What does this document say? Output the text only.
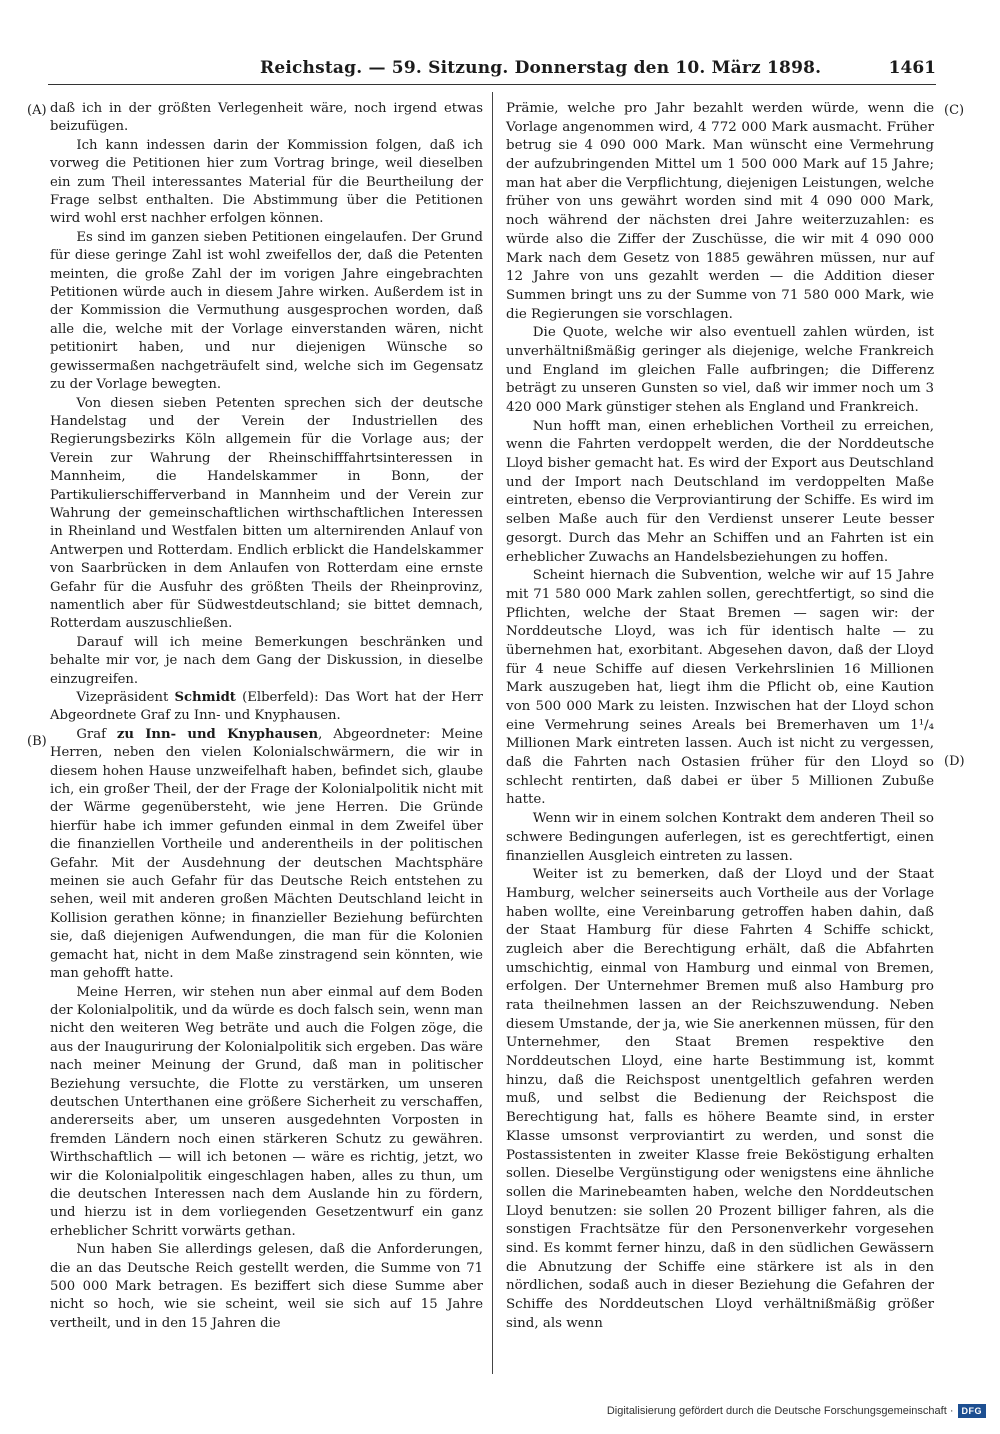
Reichstag. — 59. Sitzung. Donnerstag den 10. März 1898.	1461
(A)
(B)
(C)
(D)

daß ich in der größten Verlegenheit wäre, noch irgend etwas beizufügen.

Ich kann indessen darin der Kommission folgen, daß ich vorweg die Petitionen hier zum Vortrag bringe, weil dieselben ein zum Theil interessantes Material für die Beurtheilung der Frage selbst enthalten. Die Abstimmung über die Petitionen wird wohl erst nachher erfolgen können.

Es sind im ganzen sieben Petitionen eingelaufen. Der Grund für diese geringe Zahl ist wohl zweifellos der, daß die Petenten meinten, die große Zahl der im vorigen Jahre eingebrachten Petitionen würde auch in diesem Jahre wirken. Außerdem ist in der Kommission die Vermuthung ausgesprochen worden, daß alle die, welche mit der Vorlage einverstanden wären, nicht petitionirt haben, und nur diejenigen Wünsche so gewissermaßen nachgeträufelt sind, welche sich im Gegensatz zu der Vorlage bewegten.

Von diesen sieben Petenten sprechen sich der deutsche Handelstag und der Verein der Industriellen des Regierungsbezirks Köln allgemein für die Vorlage aus; der Verein zur Wahrung der Rheinschifffahrtsinteressen in Mannheim, die Handelskammer in Bonn, der Partikulierschifferverband in Mannheim und der Verein zur Wahrung der gemeinschaftlichen wirthschaftlichen Interessen in Rheinland und Westfalen bitten um alternirenden Anlauf von Antwerpen und Rotterdam. Endlich erblickt die Handelskammer von Saarbrücken in dem Anlaufen von Rotterdam eine ernste Gefahr für die Ausfuhr des größten Theils der Rheinprovinz, namentlich aber für Südwestdeutschland; sie bittet demnach, Rotterdam auszuschließen.

Darauf will ich meine Bemerkungen beschränken und behalte mir vor, je nach dem Gang der Diskussion, in dieselbe einzugreifen.

Vizepräsident Schmidt (Elberfeld): Das Wort hat der Herr Abgeordnete Graf zu Inn- und Knyphausen.

Graf zu Inn- und Knyphausen, Abgeordneter: Meine Herren, neben den vielen Kolonialschwärmern, die wir in diesem hohen Hause unzweifelhaft haben, befindet sich, glaube ich, ein großer Theil, der der Frage der Kolonialpolitik nicht mit der Wärme gegenübersteht, wie jene Herren. Die Gründe hierfür habe ich immer gefunden einmal in dem Zweifel über die finanziellen Vortheile und anderentheils in der politischen Gefahr. Mit der Ausdehnung der deutschen Machtsphäre meinen sie auch Gefahr für das Deutsche Reich entstehen zu sehen, weil mit anderen großen Mächten Deutschland leicht in Kollision gerathen könne; in finanzieller Beziehung befürchten sie, daß diejenigen Aufwendungen, die man für die Kolonien gemacht hat, nicht in dem Maße zinstragend sein könnten, wie man gehofft hatte.

Meine Herren, wir stehen nun aber einmal auf dem Boden der Kolonialpolitik, und da würde es doch falsch sein, wenn man nicht den weiteren Weg beträte und auch die Folgen zöge, die aus der Inaugurirung der Kolonialpolitik sich ergeben. Das wäre nach meiner Meinung der Grund, daß man in politischer Beziehung versuchte, die Flotte zu verstärken, um unseren deutschen Unterthanen eine größere Sicherheit zu verschaffen, andererseits aber, um unseren ausgedehnten Vorposten in fremden Ländern noch einen stärkeren Schutz zu gewähren. Wirthschaftlich — will ich betonen — wäre es richtig, jetzt, wo wir die Kolonialpolitik eingeschlagen haben, alles zu thun, um die deutschen Interessen nach dem Auslande hin zu fördern, und hierzu ist in dem vorliegenden Gesetzentwurf ein ganz erheblicher Schritt vorwärts gethan.

Nun haben Sie allerdings gelesen, daß die Anforderungen, die an das Deutsche Reich gestellt werden, die Summe von 71 500 000 Mark betragen. Es beziffert sich diese Summe aber nicht so hoch, wie sie scheint, weil sie sich auf 15 Jahre vertheilt, und in den 15 Jahren die

Prämie, welche pro Jahr bezahlt werden würde, wenn die Vorlage angenommen wird, 4 772 000 Mark ausmacht. Früher betrug sie 4 090 000 Mark. Man wünscht eine Vermehrung der aufzubringenden Mittel um 1 500 000 Mark auf 15 Jahre; man hat aber die Verpflichtung, diejenigen Leistungen, welche früher von uns gewährt worden sind mit 4 090 000 Mark, noch während der nächsten drei Jahre weiterzuzahlen: es würde also die Ziffer der Zuschüsse, die wir mit 4 090 000 Mark nach dem Gesetz von 1885 gewähren müssen, nur auf 12 Jahre von uns gezahlt werden — die Addition dieser Summen bringt uns zu der Summe von 71 580 000 Mark, wie die Regierungen sie vorschlagen.

Die Quote, welche wir also eventuell zahlen würden, ist unverhältnißmäßig geringer als diejenige, welche Frankreich und England im gleichen Falle aufbringen; die Differenz beträgt zu unseren Gunsten so viel, daß wir immer noch um 3 420 000 Mark günstiger stehen als England und Frankreich.

Nun hofft man, einen erheblichen Vortheil zu erreichen, wenn die Fahrten verdoppelt werden, die der Norddeutsche Lloyd bisher gemacht hat. Es wird der Export aus Deutschland und der Import nach Deutschland im verdoppelten Maße eintreten, ebenso die Verproviantirung der Schiffe. Es wird im selben Maße auch für den Verdienst unserer Leute besser gesorgt. Durch das Mehr an Schiffen und an Fahrten ist ein erheblicher Zuwachs an Handelsbeziehungen zu hoffen.

Scheint hiernach die Subvention, welche wir auf 15 Jahre mit 71 580 000 Mark zahlen sollen, gerechtfertigt, so sind die Pflichten, welche der Staat Bremen — sagen wir: der Norddeutsche Lloyd, was ich für identisch halte — zu übernehmen hat, exorbitant. Abgesehen davon, daß der Lloyd für 4 neue Schiffe auf diesen Verkehrslinien 16 Millionen Mark auszugeben hat, liegt ihm die Pflicht ob, eine Kaution von 500 000 Mark zu leisten. Inzwischen hat der Lloyd schon eine Vermehrung seines Areals bei Bremerhaven um 1¹/₄ Millionen Mark eintreten lassen. Auch ist nicht zu vergessen, daß die Fahrten nach Ostasien früher für den Lloyd so schlecht rentirten, daß dabei er über 5 Millionen Zubuße hatte.

Wenn wir in einem solchen Kontrakt dem anderen Theil so schwere Bedingungen auferlegen, ist es gerechtfertigt, einen finanziellen Ausgleich eintreten zu lassen.

Weiter ist zu bemerken, daß der Lloyd und der Staat Hamburg, welcher seinerseits auch Vortheile aus der Vorlage haben wollte, eine Vereinbarung getroffen haben dahin, daß der Staat Hamburg für diese Fahrten 4 Schiffe schickt, zugleich aber die Berechtigung erhält, daß die Abfahrten umschichtig, einmal von Hamburg und einmal von Bremen, erfolgen. Der Unternehmer Bremen muß also Hamburg pro rata theilnehmen lassen an der Reichszuwendung. Neben diesem Umstande, der ja, wie Sie anerkennen müssen, für den Unternehmer, den Staat Bremen respektive den Norddeutschen Lloyd, eine harte Bestimmung ist, kommt hinzu, daß die Reichspost unentgeltlich gefahren werden muß, und selbst die Bedienung der Reichspost die Berechtigung hat, falls es höhere Beamte sind, in erster Klasse umsonst verproviantirt zu werden, und sonst die Postassistenten in zweiter Klasse freie Beköstigung erhalten sollen. Dieselbe Vergünstigung oder wenigstens eine ähnliche sollen die Marinebeamten haben, welche den Norddeutschen Lloyd benutzen: sie sollen 20 Prozent billiger fahren, als die sonstigen Frachtsätze für den Personenverkehr vorgesehen sind. Es kommt ferner hinzu, daß in den südlichen Gewässern die Abnutzung der Schiffe eine stärkere ist als in den nördlichen, sodaß auch in dieser Beziehung die Gefahren der Schiffe des Norddeutschen Lloyd verhältnißmäßig größer sind, als wenn

Digitalisierung gefördert durch die Deutsche Forschungsgemeinschaft · DFG
